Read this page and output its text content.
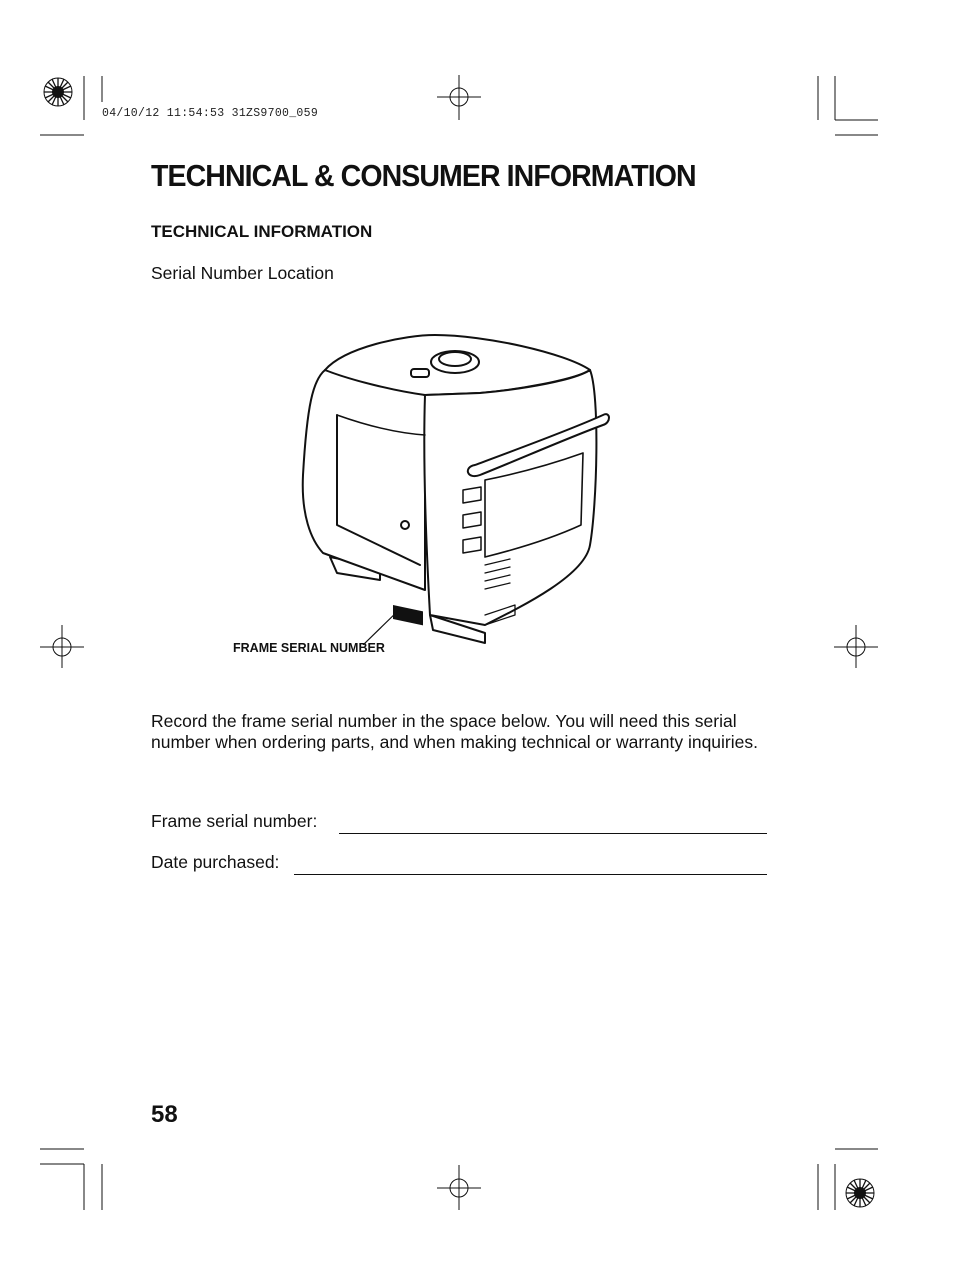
04/10/12 11:54:53 31ZS9700_059
TECHNICAL & CONSUMER INFORMATION
TECHNICAL INFORMATION
Serial Number Location
FRAME SERIAL NUMBER
Record the frame serial number in the space below. You will need this serial number when ordering parts, and when making technical or warranty inquiries.
Frame serial number:
Date purchased:
58
